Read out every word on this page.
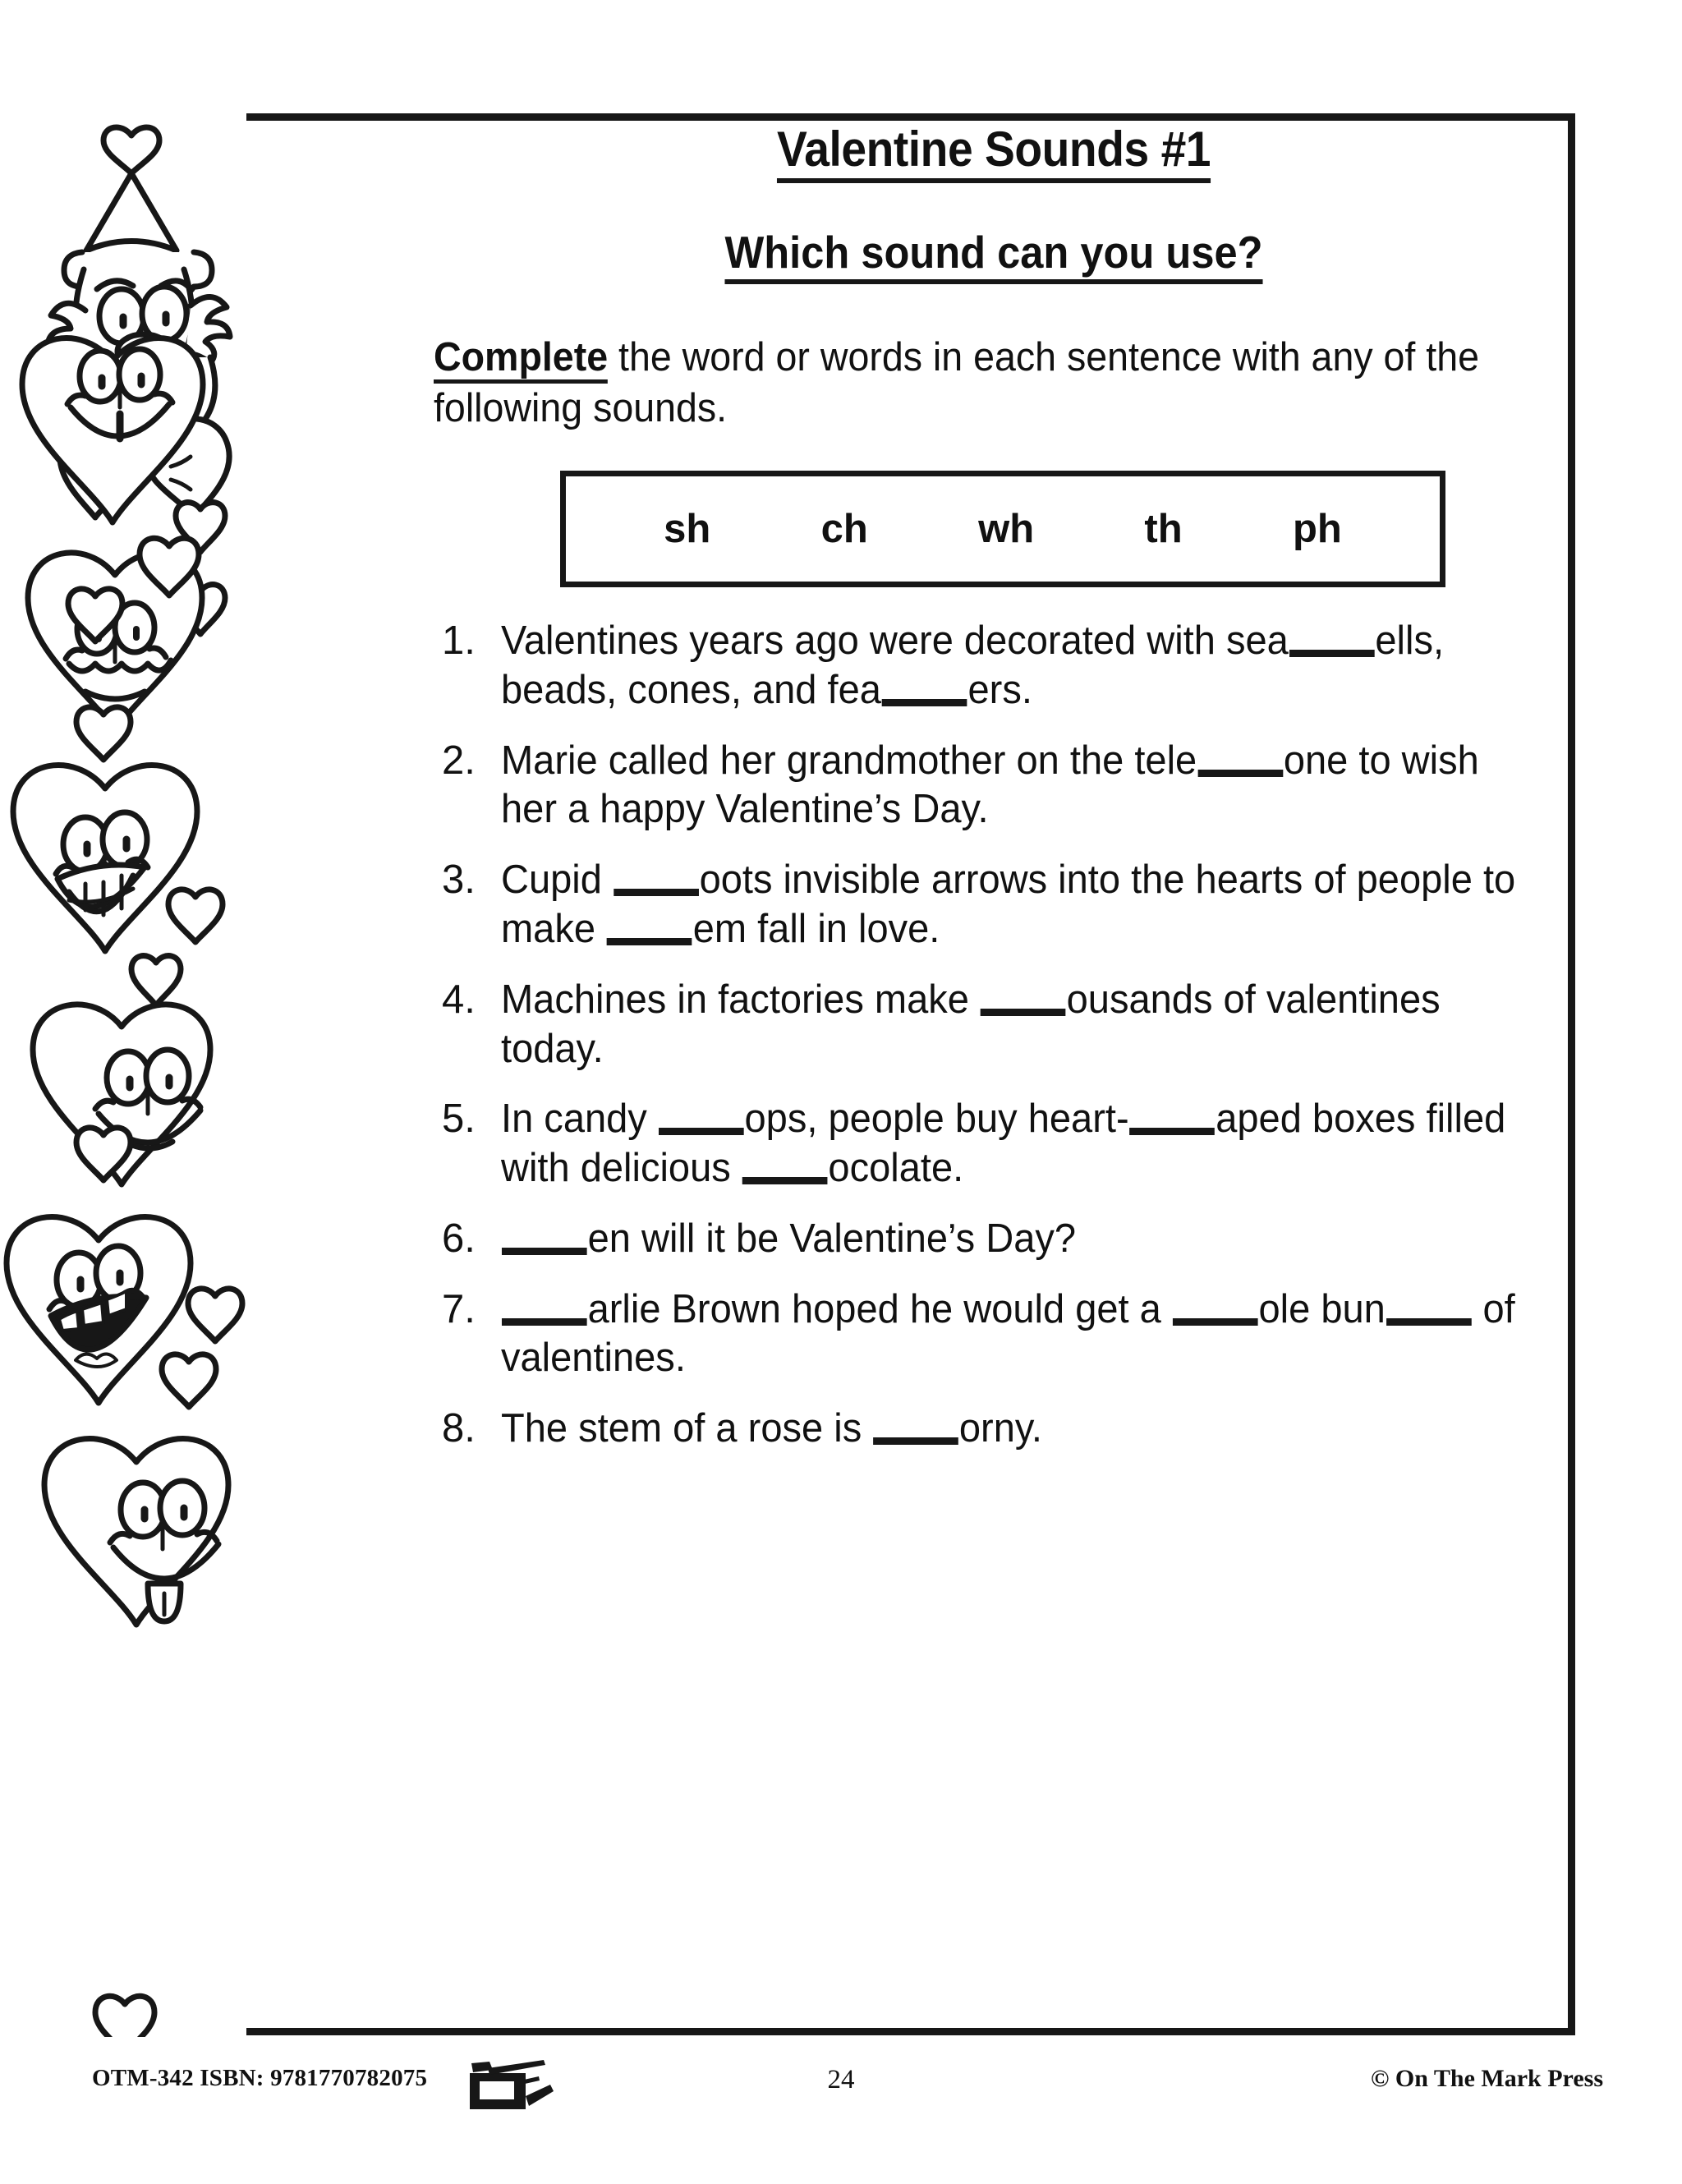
Valentine Sounds #1
Which sound can you use?
Complete the word or words in each sentence with any of the following sounds.
sh	ch	wh	th	ph
1. Valentines years ago were decorated with sea ells, beads, cones, and fea ers.
2. Marie called her grandmother on the tele one to wish her a happy Valentine’s Day.
3. Cupid oots invisible arrows into the hearts of people to make em fall in love.
4. Machines in factories make ousands of valentines today.
5. In candy ops, people buy heart- aped boxes filled with delicious ocolate.
6.	en will it be Valentine’s Day?
7.	arlie Brown hoped he would get a ole bun of valentines.
8. The stem of a rose is orny.
OTM-342 ISBN: 9781770782075	24	© On The Mark Press
